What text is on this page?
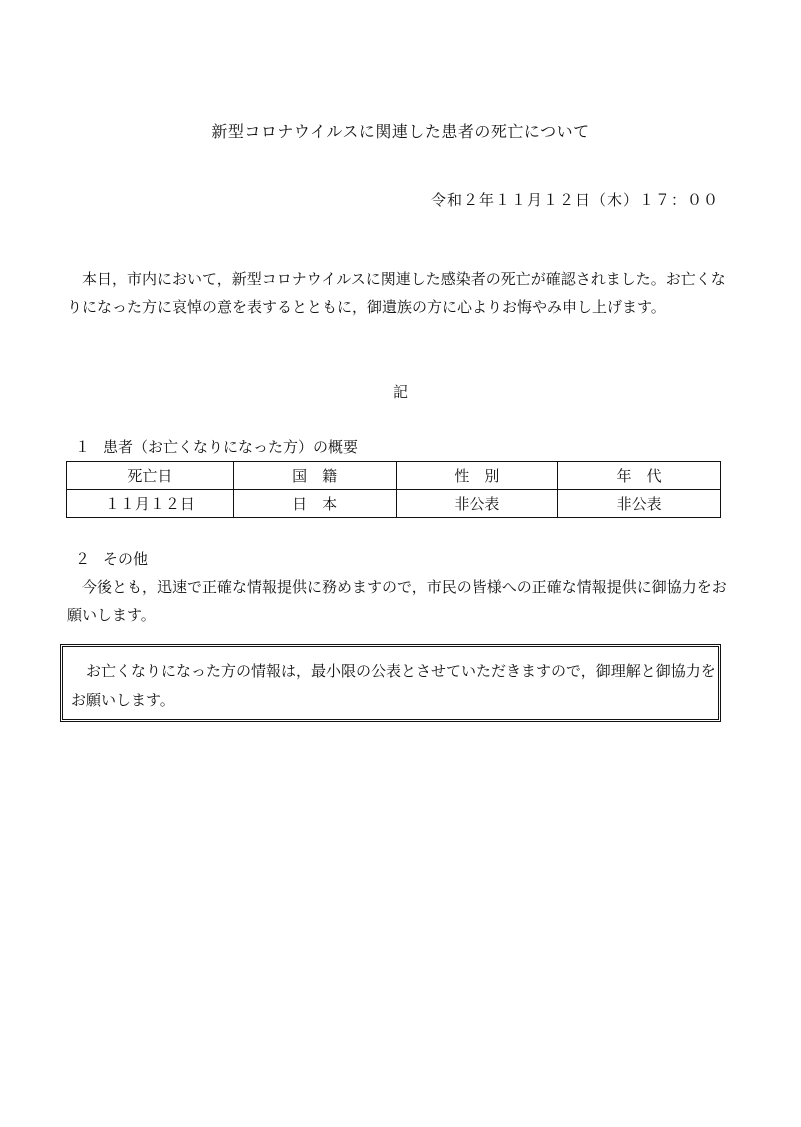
新型コロナウイルスに関連した患者の死亡について
令和２年１１月１２日（木）１７：００

本日，市内において，新型コロナウイルスに関連した感染者の死亡が確認されました。お亡くなりになった方に哀悼の意を表するとともに，御遺族の方に心よりお悔やみ申し上げます。

記
１ 患者（お亡くなりになった方）の概要
死亡日	国　籍	性　別	年　代
１１月１２日	日　本	非公表	非公表
２ その他

今後とも，迅速で正確な情報提供に務めますので，市民の皆様への正確な情報提供に御協力をお願いします。

お亡くなりになった方の情報は，最小限の公表とさせていただきますので，御理解と御協力をお願いします。
